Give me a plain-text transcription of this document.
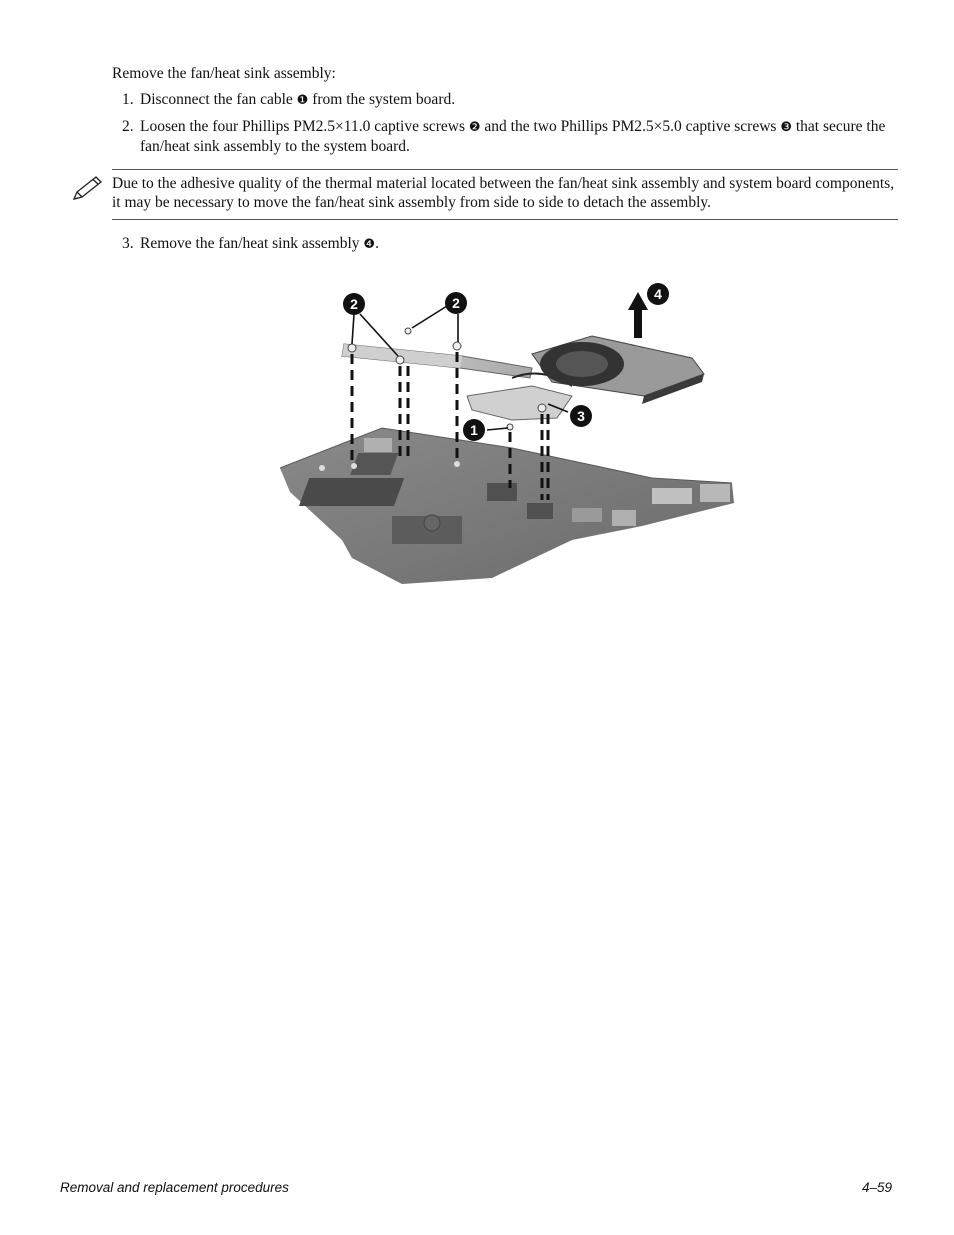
Remove the fan/heat sink assembly:
1. Disconnect the fan cable ❶ from the system board.
2. Loosen the four Phillips PM2.5×11.0 captive screws ❷ and the two Phillips PM2.5×5.0 captive screws ❸ that secure the fan/heat sink assembly to the system board.
Due to the adhesive quality of the thermal material located between the fan/heat sink assembly and system board components, it may be necessary to move the fan/heat sink assembly from side to side to detach the assembly.
3. Remove the fan/heat sink assembly ❹.
2	2
1
3
4
Removal and replacement procedures	4–59
